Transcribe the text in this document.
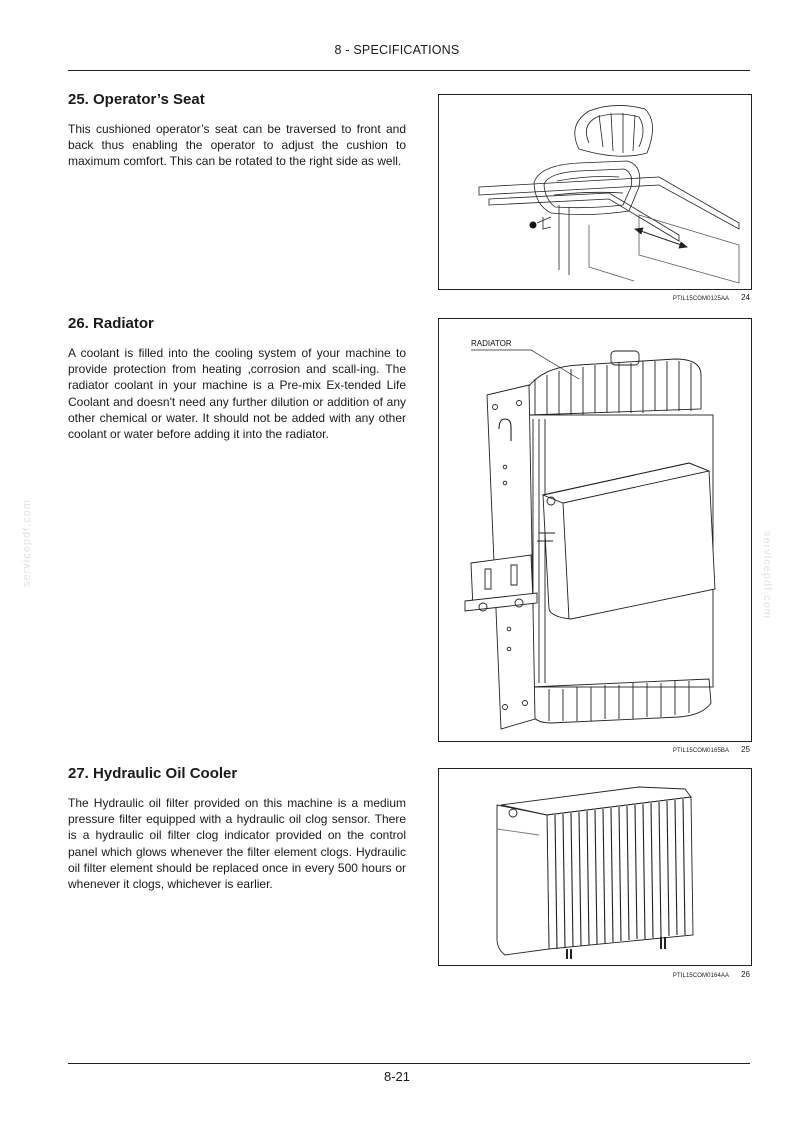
8 - SPECIFICATIONS
25. Operator’s Seat

This cushioned operator’s seat can be traversed to front and back thus enabling the operator to adjust the cushion to maximum comfort. This can be rotated to the right side as well.

PTIL15COM0125AA 24
26. Radiator

A coolant is filled into the cooling system of your machine to provide protection from heating ,corrosion and scall-ing. The radiator coolant in your machine is a Pre-mix Ex-tended Life Coolant and doesn't need any further dilution or addition of any other chemical or water. It should not be added with any other coolant or water before adding it into the radiator.

RADIATOR
PTIL15COM0165BA 25
27. Hydraulic Oil Cooler

The Hydraulic oil filter provided on this machine is a medium pressure filter equipped with a hydraulic oil clog sensor. There is a hydraulic oil filter clog indicator provided on the control panel which glows whenever the filter element clogs. Hydraulic oil filter element should be replaced once in every 500 hours or whenever it clogs, whichever is earlier.

PTIL15COM0164AA 26
servicepdf.com	servicepdf.com
8-21
